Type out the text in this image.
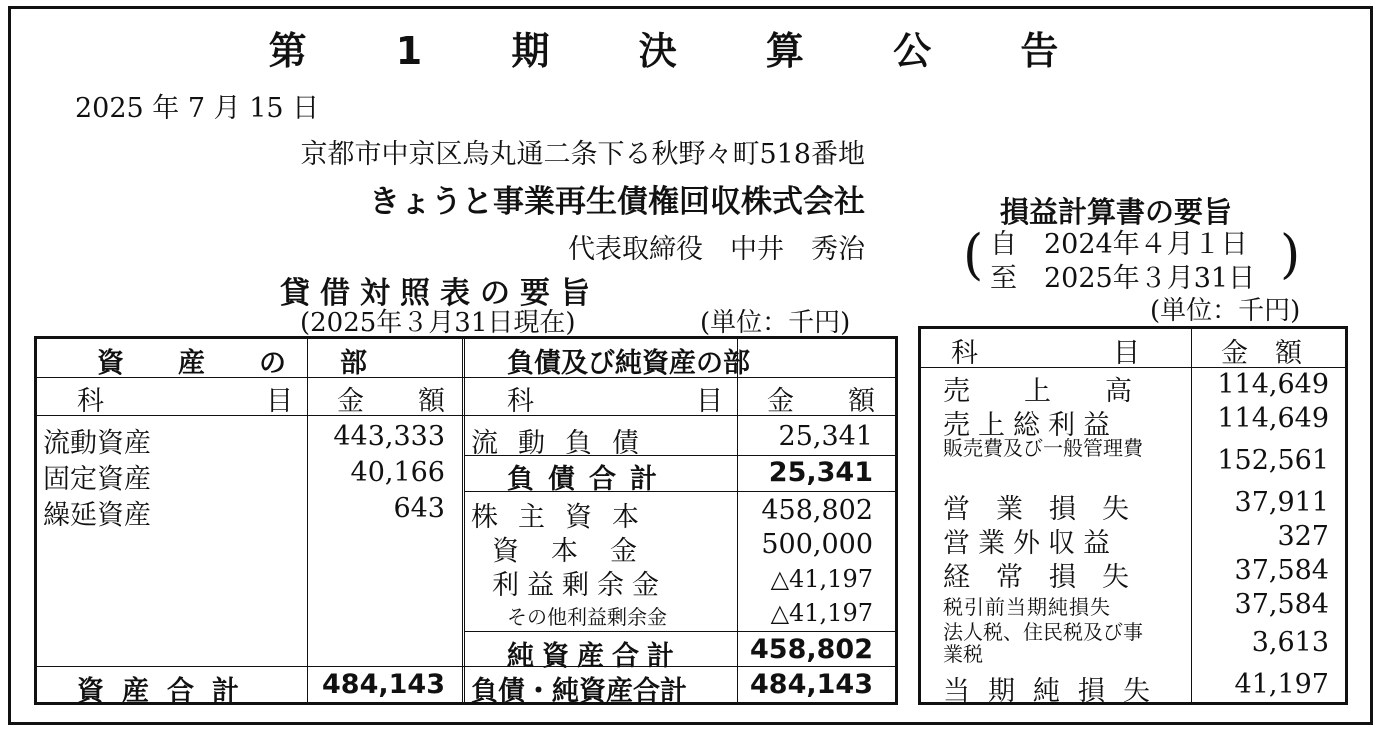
第 1 期 決 算 公 告
2025 年 7 月 15 日
京都市中京区烏丸通二条下る秋野々町518番地
きょうと事業再生債権回収株式会社
代表取締役　中井　秀治
貸借対照表の要旨
(2025年３月31日現在)	(単位：千円)
損益計算書の要旨
(	)
自　2024年４月１日
至　2025年３月31日
(単位：千円)
資　　産　　の　　部	負債及び純資産の部
科　　　　　　目 金　　額 科　　　　　　目 金　　額
流動資産	443,333
固定資産	40,166
繰延資産	643
資産合計 484,143
流動負債	25,341
負債合計	25,341
株主資本	458,802
資本金	500,000
利益剰余金	△41,197
その他利益剰余金	△41,197
純資産合計	458,802
負債・純資産合計 484,143
科　　　　　目	金　額
売　　上　　高	114,649
売上総利益	114,649
販売費及び一般管理費	152,561
営業損失	37,911
営業外収益	327
経常損失	37,584
税引前当期純損失	37,584
法人税、住民税及び事業税	3,613
当期純損失	41,197
